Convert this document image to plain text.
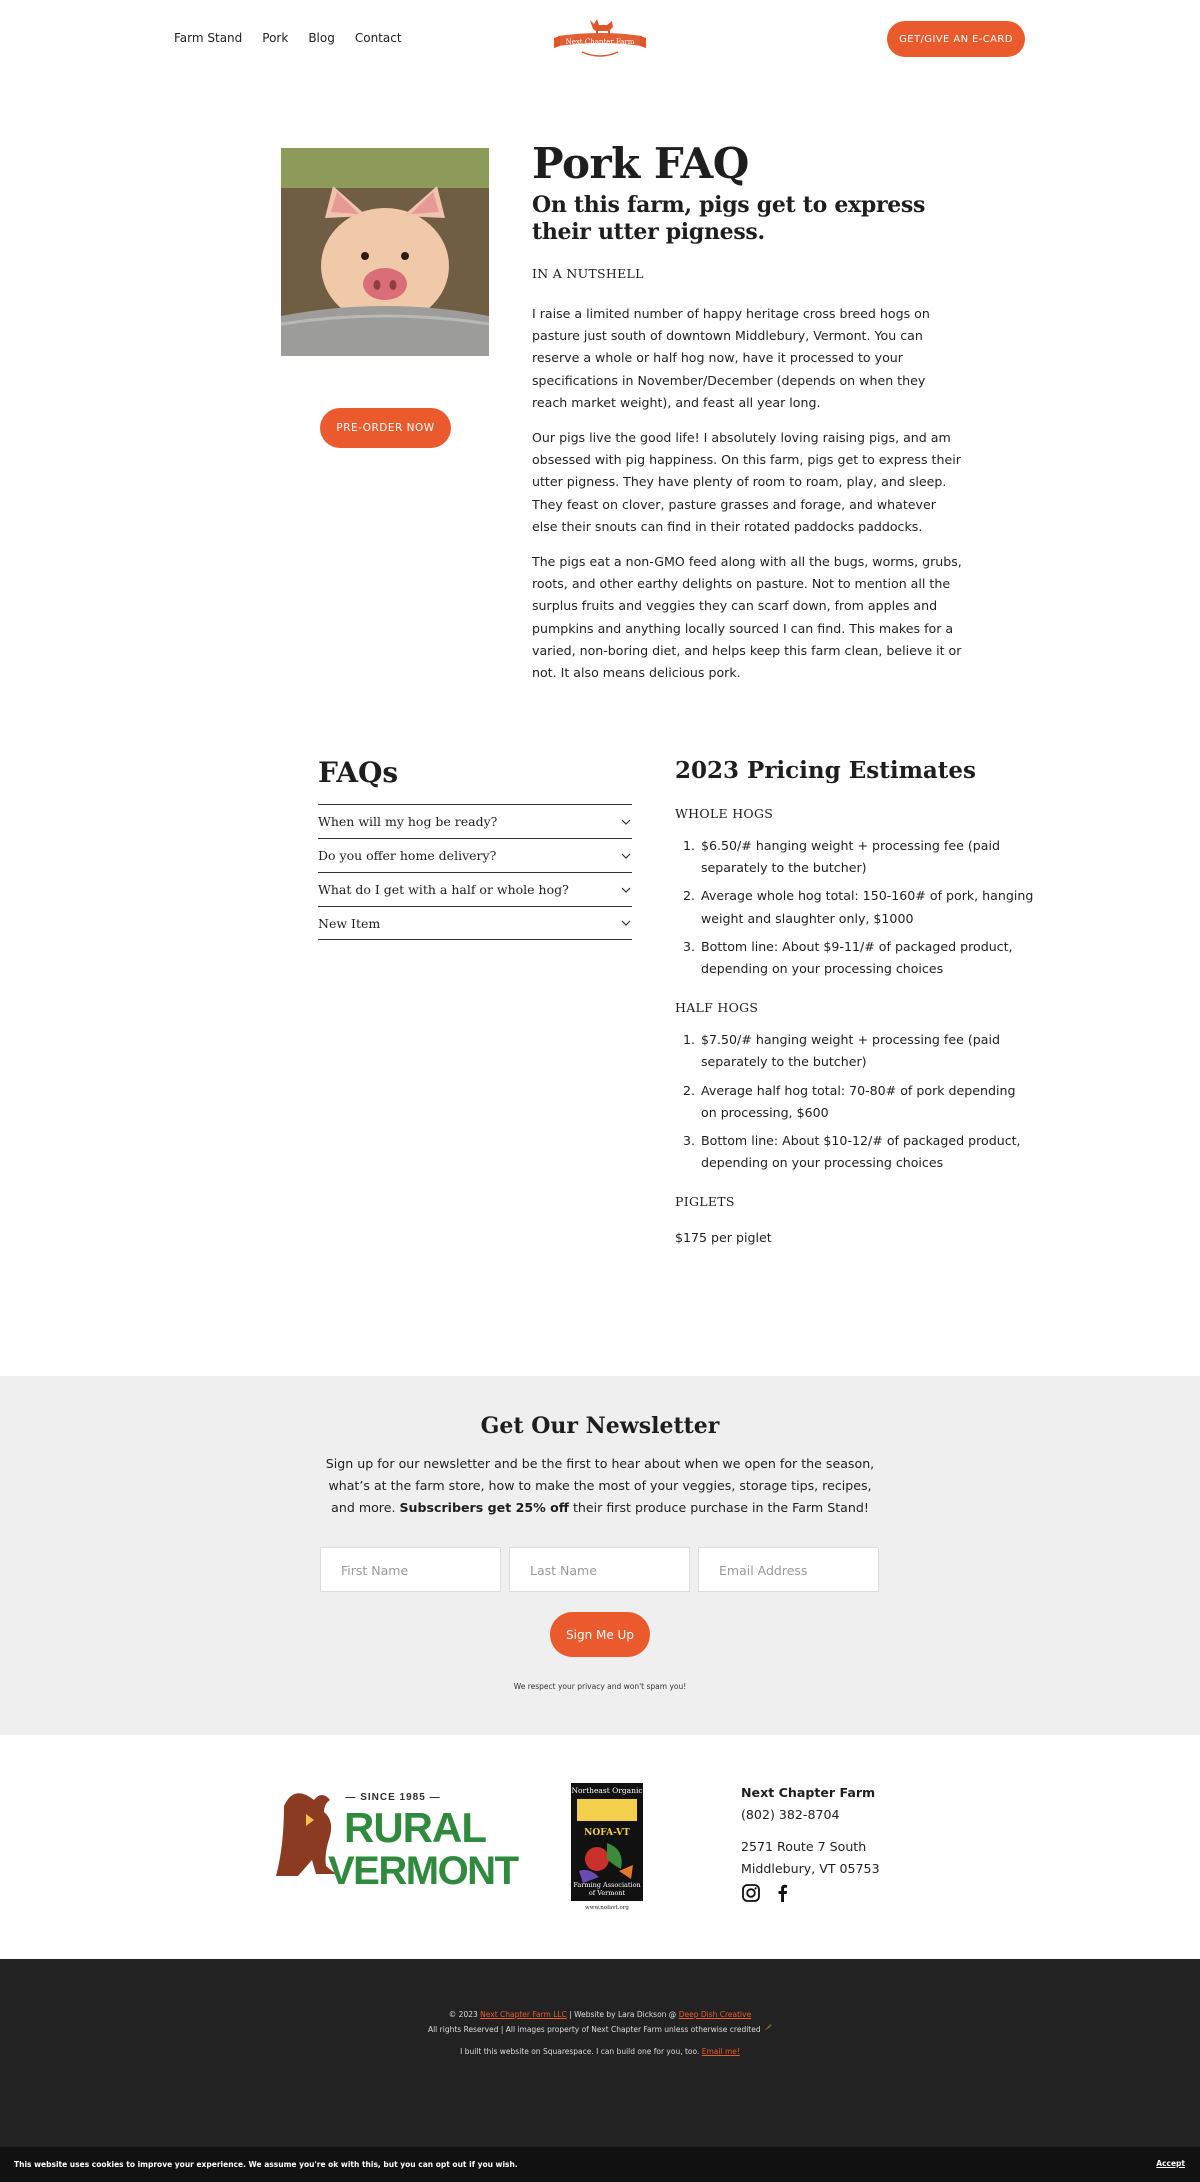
Farm Stand Pork Blog Contact	Next Chapter Farm	GET/GIVE AN E-CARD
PRE-ORDER NOW
Pork FAQ
On this farm, pigs get to express their utter pigness.
IN A NUTSHELL

I raise a limited number of happy heritage cross breed hogs on pasture just south of downtown Middlebury, Vermont. You can reserve a whole or half hog now, have it processed to your specifications in November/December (depends on when they reach market weight), and feast all year long.

Our pigs live the good life! I absolutely loving raising pigs, and am obsessed with pig happiness. On this farm, pigs get to express their utter pigness. They have plenty of room to roam, play, and sleep. They feast on clover, pasture grasses and forage, and whatever else their snouts can find in their rotated paddocks paddocks.

The pigs eat a non-GMO feed along with all the bugs, worms, grubs, roots, and other earthy delights on pasture. Not to mention all the surplus fruits and veggies they can scarf down, from apples and pumpkins and anything locally sourced I can find. This makes for a varied, non-boring diet, and helps keep this farm clean, believe it or not. It also means delicious pork.

FAQs
When will my hog be ready?
Do you offer home delivery?
What do I get with a half or whole hog?
New Item
2023 Pricing Estimates
WHOLE HOGS
1. $6.50/# hanging weight + processing fee (paid separately to the butcher)
2. Average whole hog total: 150-160# of pork, hanging weight and slaughter only, $1000
3. Bottom line: About $9-11/# of packaged product, depending on your processing choices
HALF HOGS
1. $7.50/# hanging weight + processing fee (paid separately to the butcher)
2. Average half hog total: 70-80# of pork depending on processing, $600
3. Bottom line: About $10-12/# of packaged product, depending on your processing choices
PIGLETS
$175 per piglet
Get Our Newsletter

Sign up for our newsletter and be the first to hear about when we open for the season, what’s at the farm store, how to make the most of your veggies, storage tips, recipes, and more. Subscribers get 25% off their first produce purchase in the Farm Stand!

First Name	Last Name	Email Address
Sign Me Up
We respect your privacy and won't spam you!
— SINCE 1985 —
RURAL
VERMONT
Northeast Organic
NOFA-VT
Farming Association
of Vermont
www.nofavt.org
Next Chapter Farm
(802) 382-8704
2571 Route 7 South
Middlebury, VT 05753
© 2023 Next Chapter Farm LLC | Website by Lara Dickson @ Deep Dish Creative
All rights Reserved | All images property of Next Chapter Farm unless otherwise credited
I built this website on Squarespace. I can build one for you, too. Email me!
This website uses cookies to improve your experience. We assume you're ok with this, but you can opt out if you wish.	Accept
